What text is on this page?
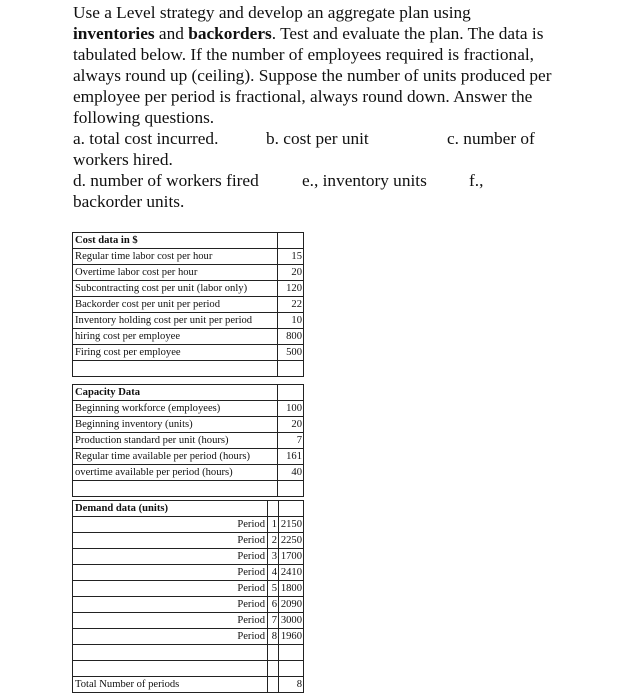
Use a Level strategy and develop an aggregate plan using inventories and backorders. Test and evaluate the plan. The data is tabulated below. If the number of employees required is fractional, always round up (ceiling). Suppose the number of units produced per employee per period is fractional, always round down. Answer the following questions.

a. total cost incurred.	b. cost per unit	c. number of

workers hired.

d. number of workers fired	e., inventory units f.,

backorder units.

Cost data in $	
Regular time labor cost per hour	15
Overtime labor cost per hour	20
Subcontracting cost per unit (labor only)	120
Backorder cost per unit per period	22
Inventory holding cost per unit per period	10
hiring cost per employee	800
Firing cost per employee	500

Capacity Data	
Beginning workforce (employees)	100
Beginning inventory (units)	20
Production standard per unit (hours)	7
Regular time available per period (hours)	161
overtime available per period (hours)	40

Demand data (units)		
Period	1	2150
Period	2	2250
Period	3	1700
Period	4	2410
Period	5	1800
Period	6	2090
Period	7	3000
Period	8	1960

Total Number of periods		8
